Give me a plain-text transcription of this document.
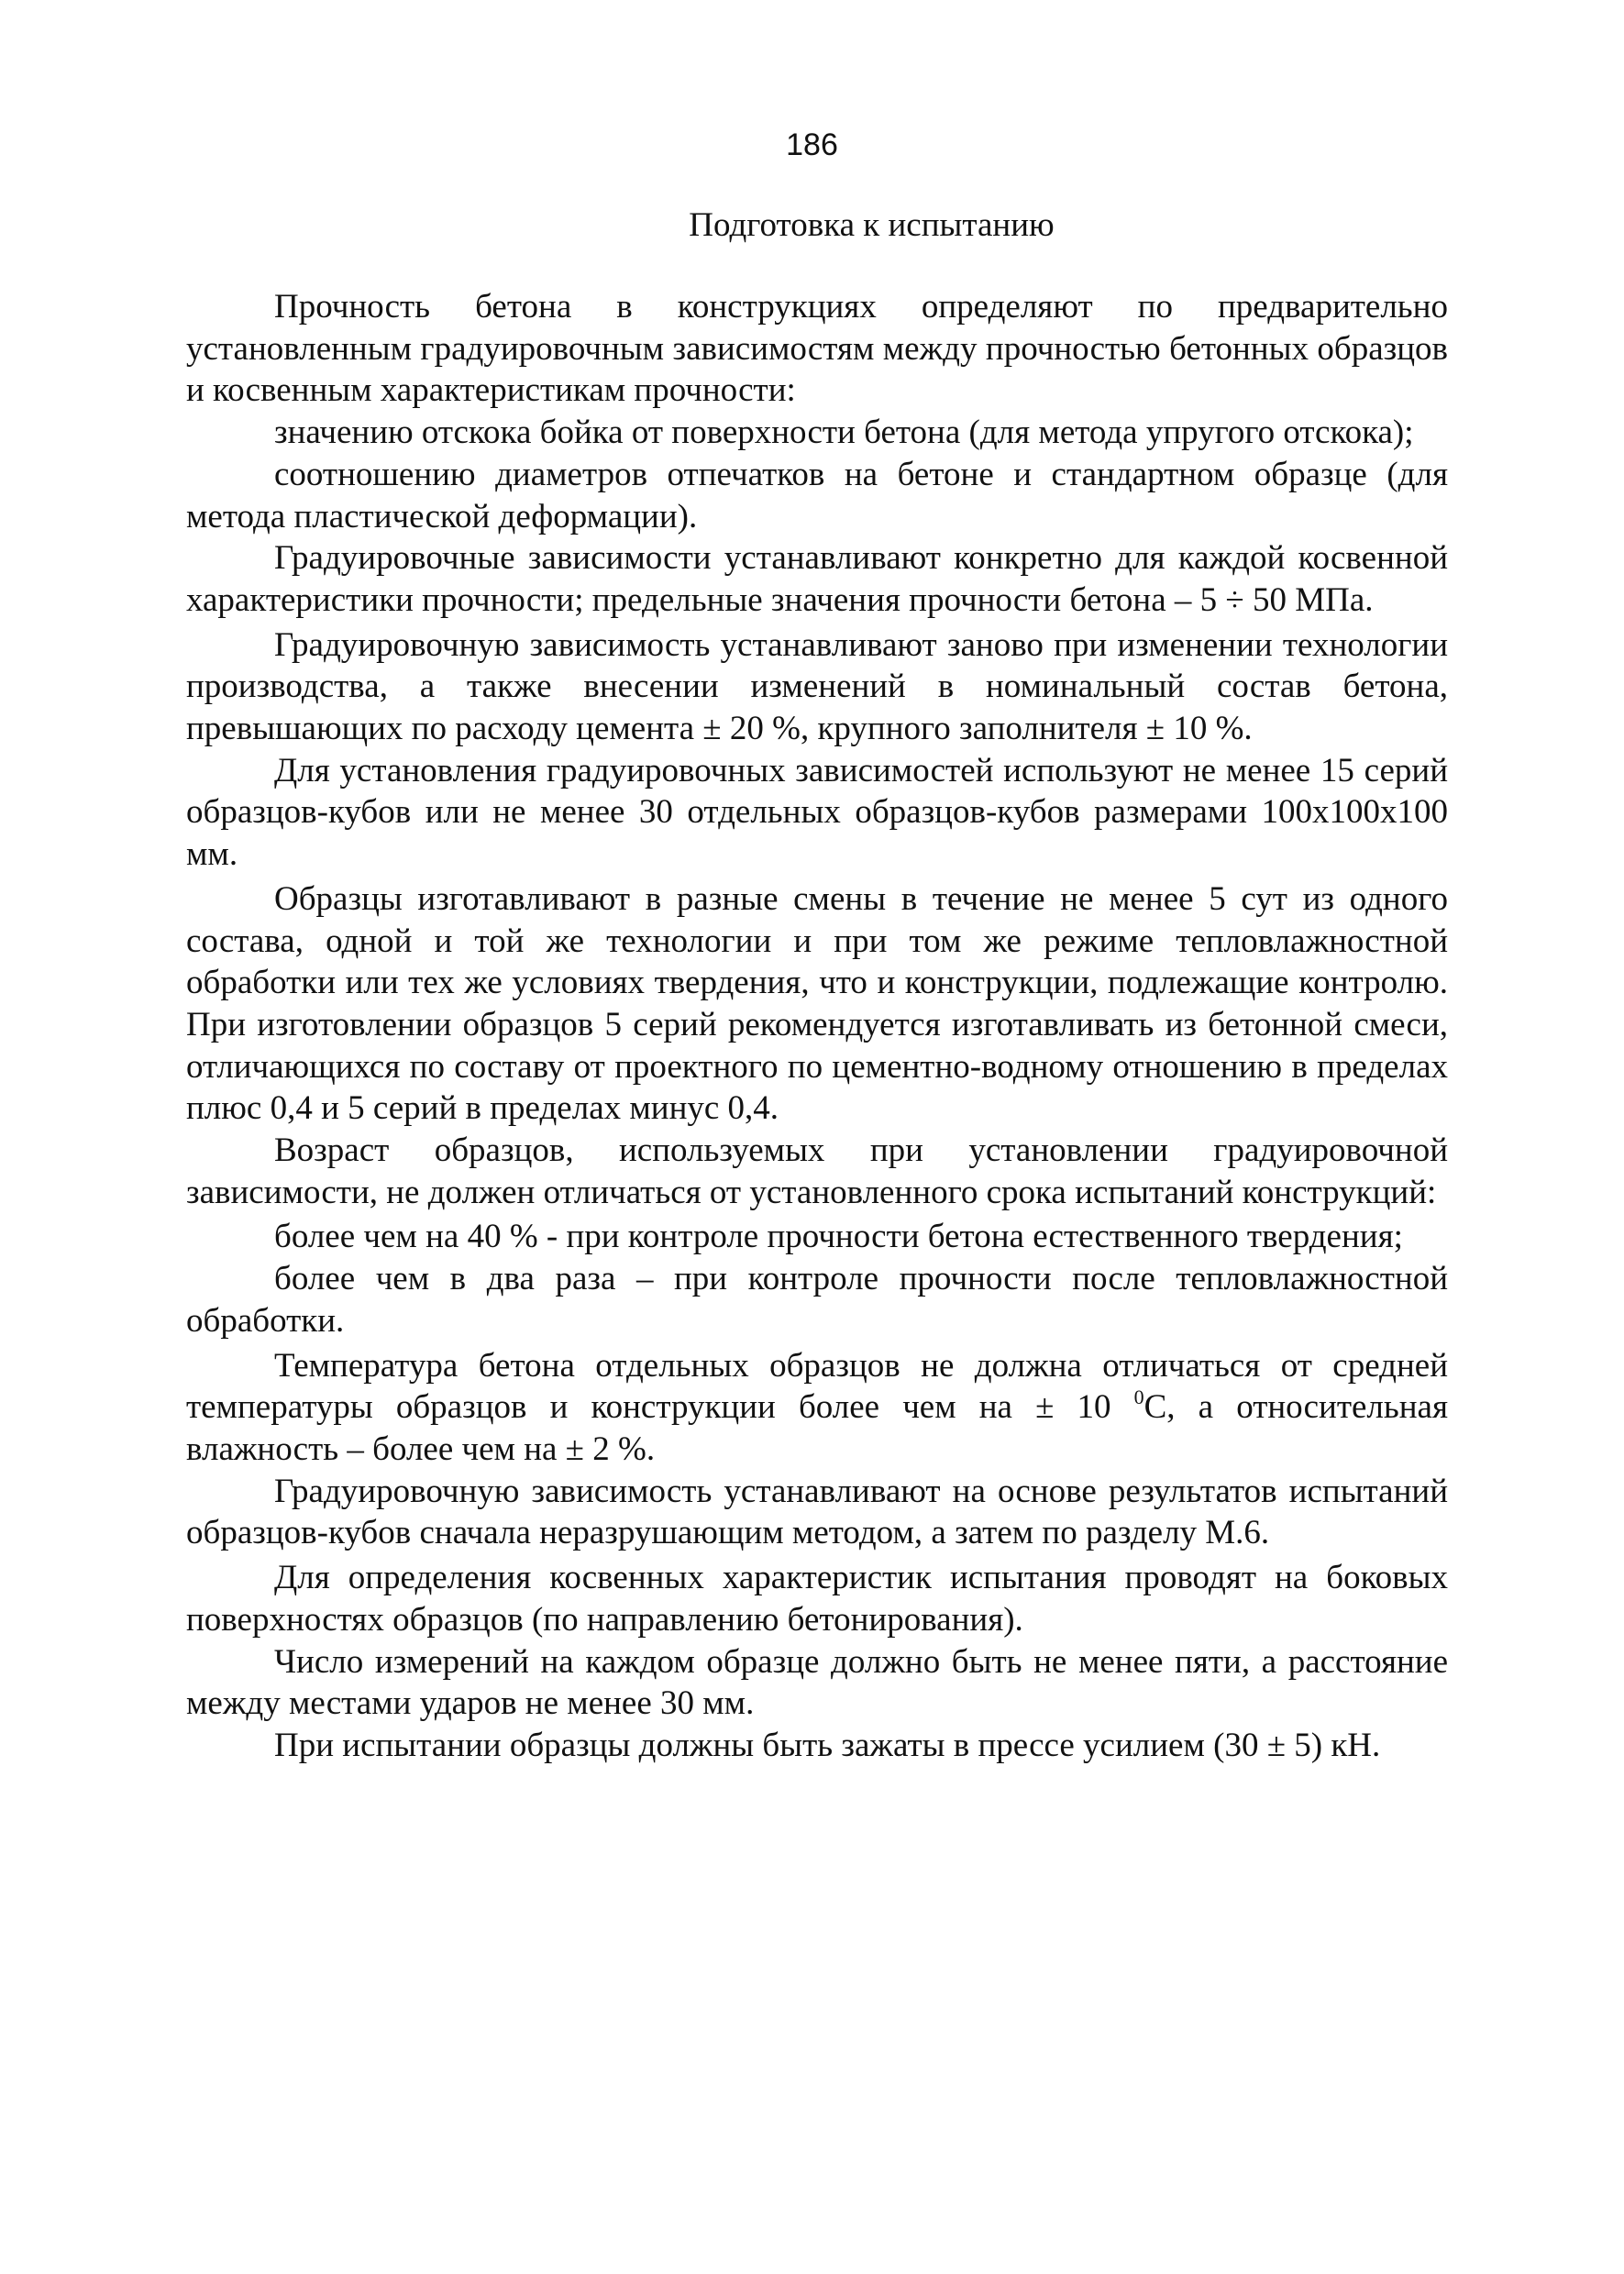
186
Подготовка к испытанию

Прочность бетона в конструкциях определяют по предварительно установленным градуировочным зависимостям между прочностью бетонных образцов и косвенным характеристикам прочности:

значению отскока бойка от поверхности бетона (для метода упругого отскока);

соотношению диаметров отпечатков на бетоне и стандартном образце (для метода пластической деформации).

Градуировочные зависимости устанавливают конкретно для каждой косвенной характеристики прочности; предельные значения прочности бетона – 5 ÷ 50 МПа.

Градуировочную зависимость устанавливают заново при изменении технологии производства, а также внесении изменений в номинальный состав бетона, превышающих по расходу цемента ± 20 %, крупного заполнителя ± 10 %.

Для установления градуировочных зависимостей используют не менее 15 серий образцов-кубов или не менее 30 отдельных образцов-кубов размерами 100x100x100 мм.

Образцы изготавливают в разные смены в течение не менее 5 сут из одного состава, одной и той же технологии и при том же режиме тепловлажностной обработки или тех же условиях твердения, что и конструкции, подлежащие контролю. При изготовлении образцов 5 серий рекомендуется изготавливать из бетонной смеси, отличающихся по составу от проектного по цементно-водному отношению в пределах плюс 0,4 и 5 серий в пределах минус 0,4.

Возраст образцов, используемых при установлении градуировочной зависимости, не должен отличаться от установленного срока испытаний конструкций:

более чем на 40 % - при контроле прочности бетона естественного твердения;

более чем в два раза – при контроле прочности после тепловлажностной обработки.

Температура бетона отдельных образцов не должна отличаться от средней температуры образцов и конструкции более чем на ± 10 $^0$С, а относительная влажность – более чем на ± 2 %.

Градуировочную зависимость устанавливают на основе результатов испытаний образцов-кубов сначала неразрушающим методом, а затем по разделу М.6.

Для определения косвенных характеристик испытания проводят на боковых поверхностях образцов (по направлению бетонирования).

Число измерений на каждом образце должно быть не менее пяти, а расстояние между местами ударов не менее 30 мм.

При испытании образцы должны быть зажаты в прессе усилием (30 ± 5) кН.
